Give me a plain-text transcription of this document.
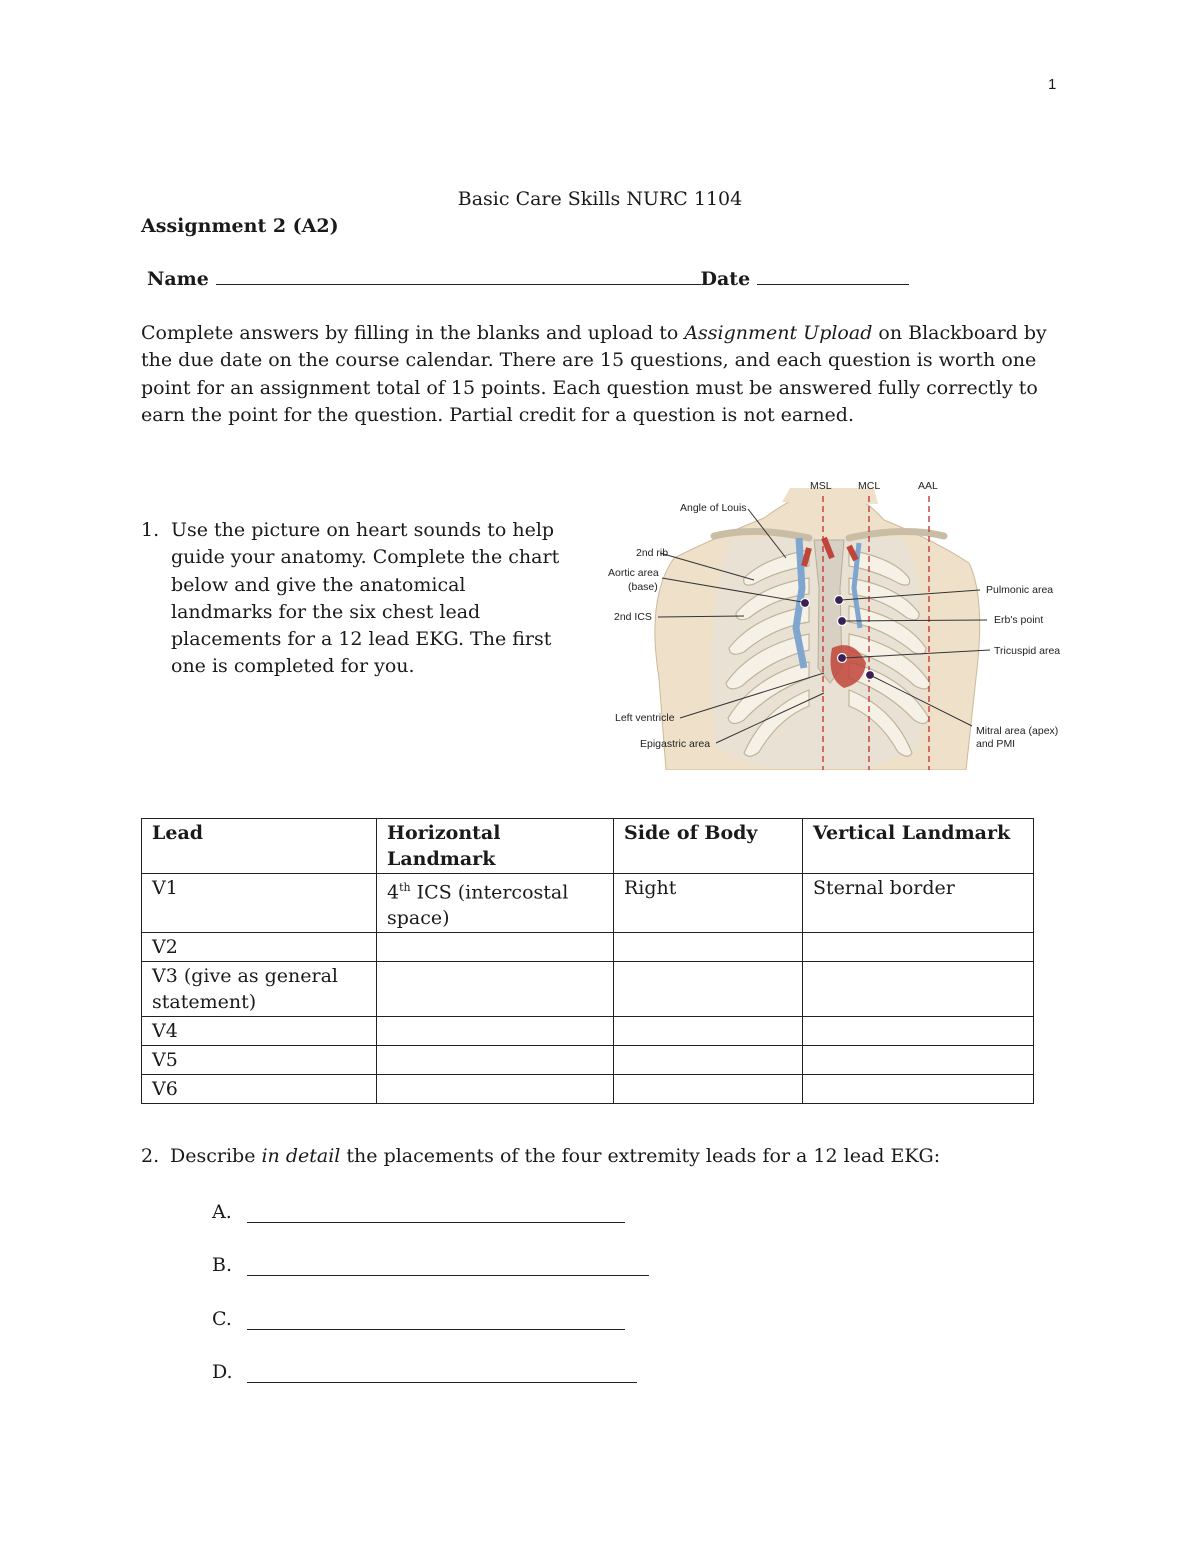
1
Basic Care Skills NURC 1104
Assignment 2 (A2)
Name	Date
Complete answers by filling in the blanks and upload to Assignment Upload on Blackboard by the due date on the course calendar. There are 15 questions, and each question is worth one point for an assignment total of 15 points. Each question must be answered fully correctly to earn the point for the question. Partial credit for a question is not earned.
1. Use the picture on heart sounds to help guide your anatomy. Complete the chart below and give the anatomical landmarks for the six chest lead placements for a 12 lead EKG. The first one is completed for you.
MSL	MCL	AAL
Angle of Louis
2nd rib
Aortic area
(base)
2nd ICS
Left ventricle
Epigastric area
Pulmonic area
Erb's point
Tricuspid area
Mitral area (apex)
and PMI
Lead	Horizontal Landmark	Side of Body	Vertical Landmark
V1	4th ICS (intercostal space)	Right	Sternal border
V2			
V3 (give as general statement)			
V4			
V5			
V6			
2. Describe in detail the placements of the four extremity leads for a 12 lead EKG:
A.
B.
C.
D.
